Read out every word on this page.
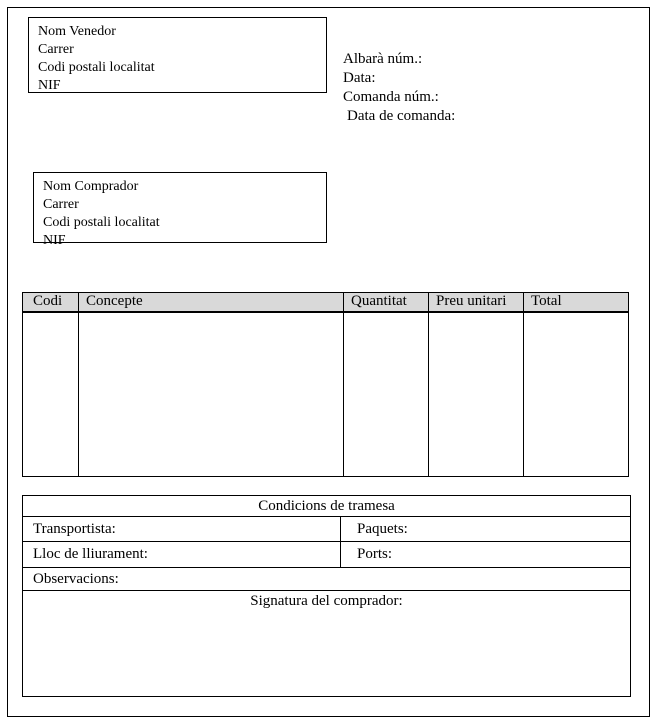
Nom Venedor
Carrer
Codi postali localitat
NIF
Albarà núm.:
Data:
Comanda núm.:
Data de comanda:
Nom Comprador
Carrer
Codi postali localitat
NIF
Codi	Concepte	Quantitat	Preu unitari	Total

Condicions de tramesa	
Transportista:	Paquets:
Lloc de lliurament:	Ports:
Observacions:	
Signatura del comprador:	
